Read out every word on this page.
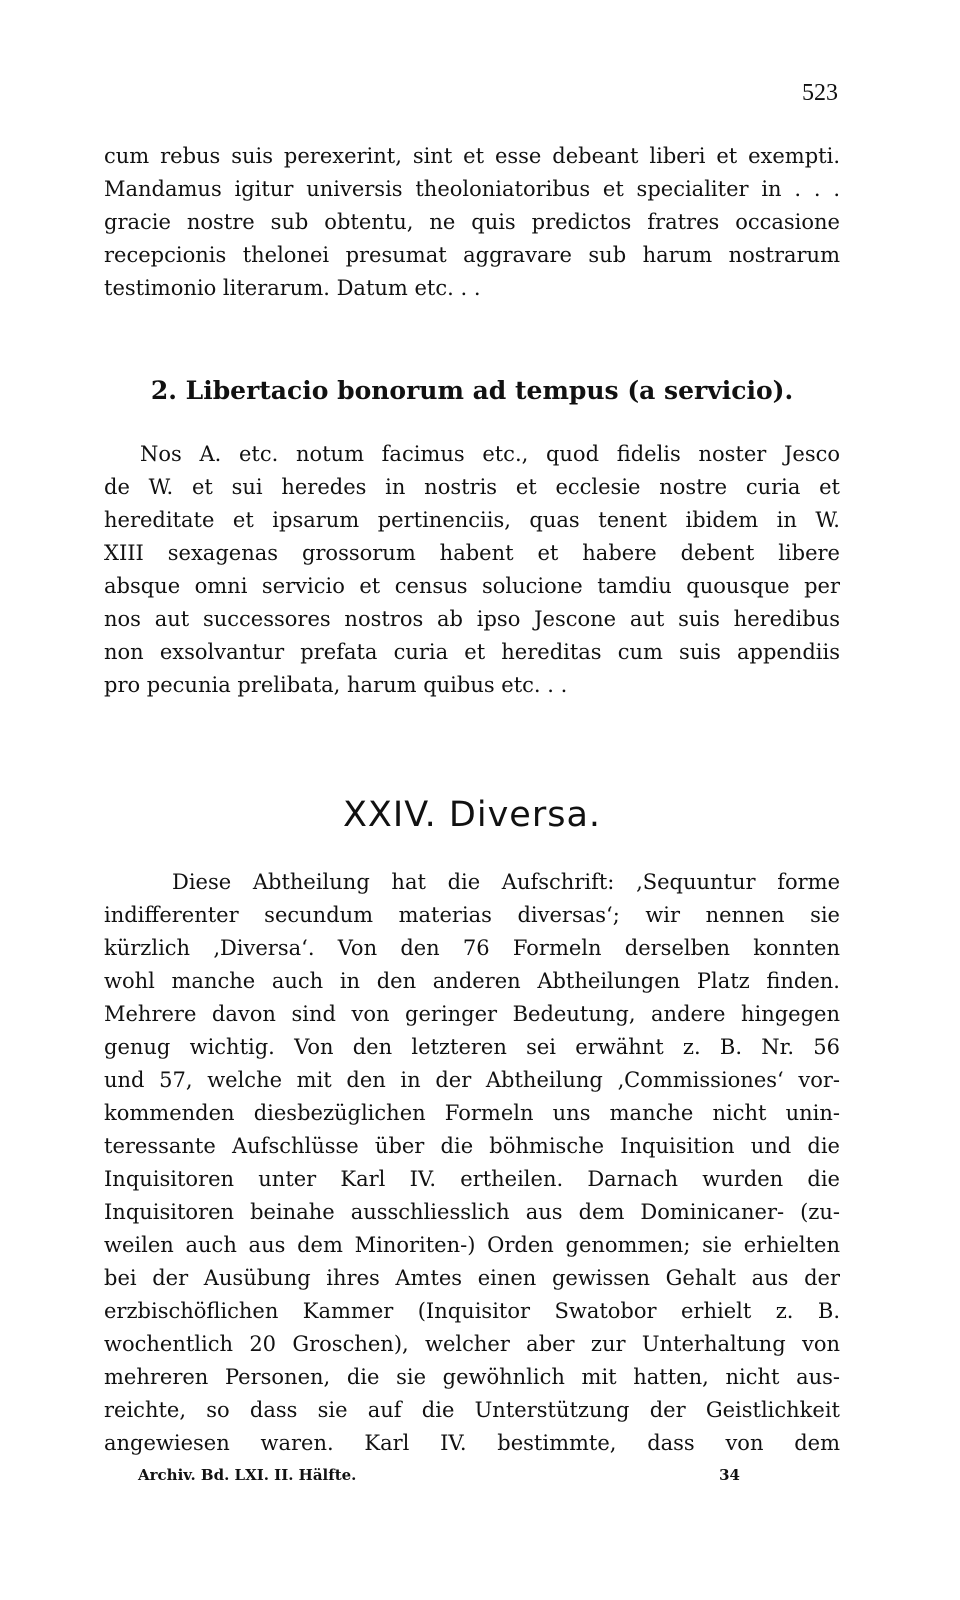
523
cum rebus suis perexerint, sint et esse debeant liberi et exempti.
Mandamus igitur universis theoloniatoribus et specialiter in . . .
gracie nostre sub obtentu, ne quis predictos fratres occasione
recepcionis thelonei presumat aggravare sub harum nostrarum
testimonio literarum. Datum etc. . .
2. Libertacio bonorum ad tempus (a servicio).
Nos A. etc. notum facimus etc., quod fidelis noster Jesco
de W. et sui heredes in nostris et ecclesie nostre curia et
hereditate et ipsarum pertinenciis, quas tenent ibidem in W.
XIII sexagenas grossorum habent et habere debent libere
absque omni servicio et census solucione tamdiu quousque per
nos aut successores nostros ab ipso Jescone aut suis heredibus
non exsolvantur prefata curia et hereditas cum suis appendiis
pro pecunia prelibata, harum quibus etc. . .
XXIV. Diversa.
Diese Abtheilung hat die Aufschrift: ‚Sequuntur forme
indifferenter secundum materias diversas‘; wir nennen sie
kürzlich ‚Diversa‘. Von den 76 Formeln derselben konnten
wohl manche auch in den anderen Abtheilungen Platz finden.
Mehrere davon sind von geringer Bedeutung, andere hingegen
genug wichtig. Von den letzteren sei erwähnt z. B. Nr. 56
und 57, welche mit den in der Abtheilung ‚Commissiones‘ vor-
kommenden diesbezüglichen Formeln uns manche nicht unin-
teressante Aufschlüsse über die böhmische Inquisition und die
Inquisitoren unter Karl IV. ertheilen. Darnach wurden die
Inquisitoren beinahe ausschliesslich aus dem Dominicaner- (zu-
weilen auch aus dem Minoriten-) Orden genommen; sie erhielten
bei der Ausübung ihres Amtes einen gewissen Gehalt aus der
erzbischöflichen Kammer (Inquisitor Swatobor erhielt z. B.
wochentlich 20 Groschen), welcher aber zur Unterhaltung von
mehreren Personen, die sie gewöhnlich mit hatten, nicht aus-
reichte, so dass sie auf die Unterstützung der Geistlichkeit
angewiesen waren. Karl IV. bestimmte, dass von dem
Archiv. Bd. LXI. II. Hälfte.	34
